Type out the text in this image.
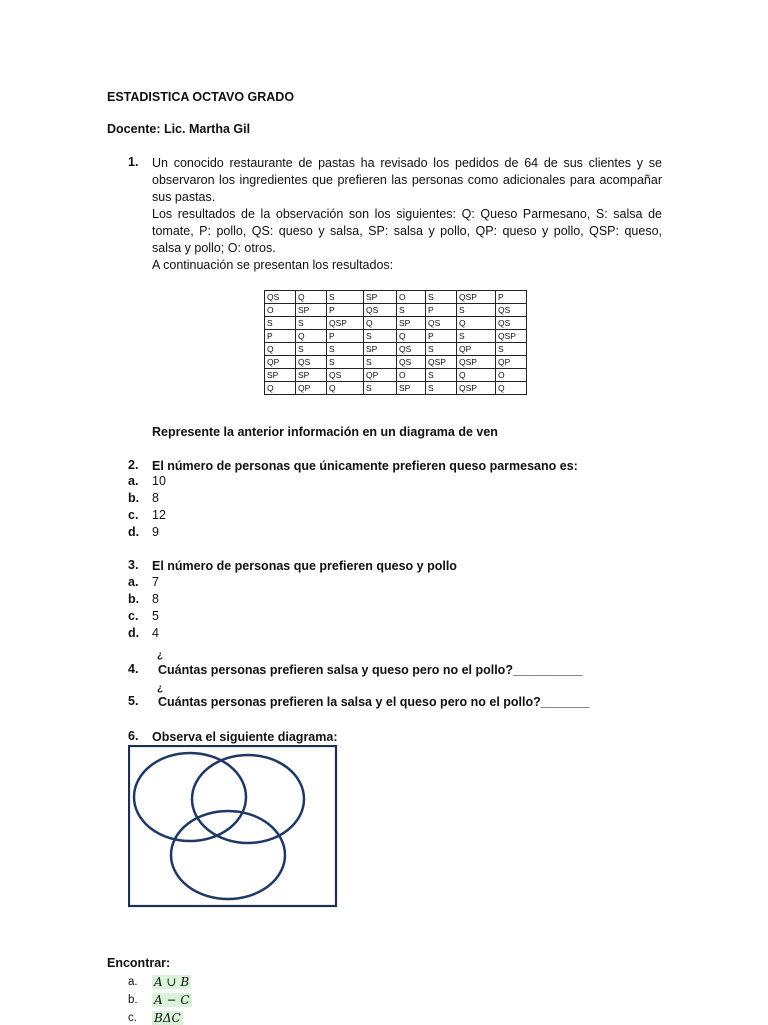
ESTADISTICA OCTAVO GRADO
Docente: Lic. Martha Gil
1. Un conocido restaurante de pastas ha revisado los pedidos de 64 de sus clientes y se observaron los ingredientes que prefieren las personas como adicionales para acompañar sus pastas.
Los resultados de la observación son los siguientes: Q: Queso Parmesano, S: salsa de tomate, P: pollo, QS: queso y salsa, SP: salsa y pollo, QP: queso y pollo, QSP: queso, salsa y pollo; O: otros.
A continuación se presentan los resultados:
QS	Q	S	SP	O	S	QSP	P
O	SP	P	QS	S	P	S	QS
S	S	QSP	Q	SP	QS	Q	QS
P	Q	P	S	Q	P	S	QSP
Q	S	S	SP	QS	S	QP	S
QP	QS	S	S	QS	QSP	QSP	QP
SP	SP	QS	QP	O	S	Q	O
Q	QP	Q	S	SP	S	QSP	Q
Represente la anterior información en un diagrama de ven
2. El número de personas que únicamente prefieren queso parmesano es:
a. 10
b. 8
c. 12
d. 9
3. El número de personas que prefieren queso y pollo
a. 7
b. 8
c. 5
d. 4
4.
¿
Cuántas personas prefieren salsa y queso pero no el pollo?__________
5.
¿
Cuántas personas prefieren la salsa y el queso pero no el pollo?_______
6. Observa el siguiente diagrama:
Encontrar:
a. A ∪ B
b. A − C
c. BΔC
